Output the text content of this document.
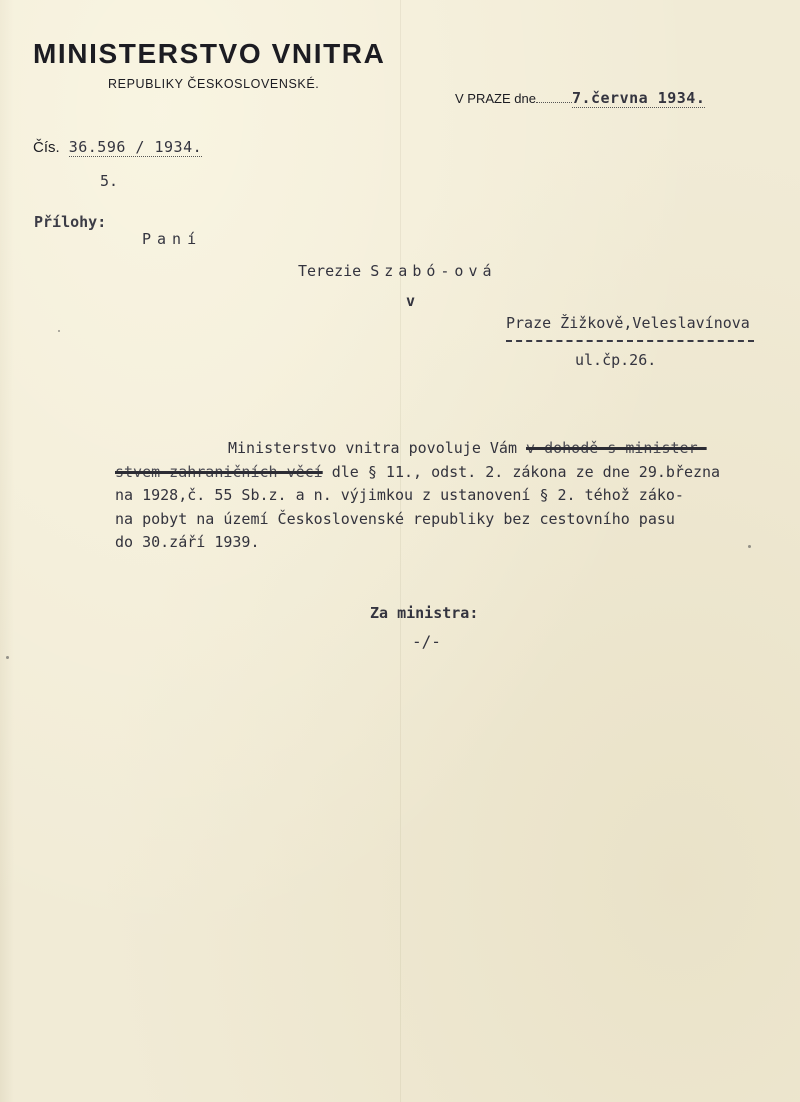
MINISTERSTVO VNITRA
REPUBLIKY ČESKOSLOVENSKÉ.
V PRAZE dne 7.června 1934.
Čís. 36.596 / 1934.
5.
Přílohy:
Paní
Terezie Szabó-ová
v
Praze Žižkově,Veleslavínova
ul.čp.26.
Ministerstvo vnitra povoluje Vám v dohodě s minister-
stvem zahraničních věcí dle § 11., odst. 2. zákona ze dne 29.března
na 1928,č. 55 Sb.z. a n. výjimkou z ustanovení § 2. téhož záko-
na pobyt na území Československé republiky bez cestovního pasu
do 30.září 1939.
Za ministra:
-/-
